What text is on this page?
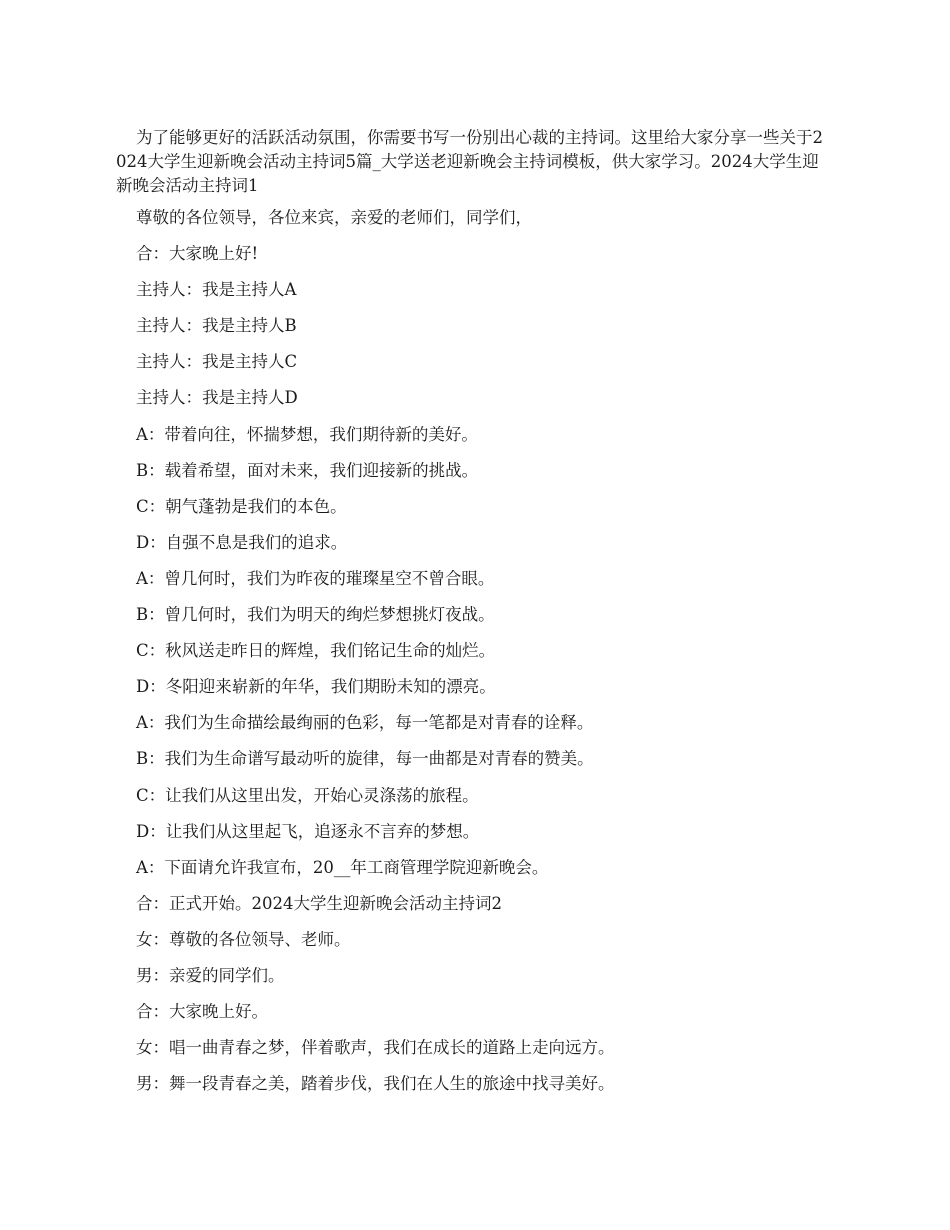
为了能够更好的活跃活动氛围，你需要书写一份别出心裁的主持词。这里给大家分享一些关于2024大学生迎新晚会活动主持词5篇_大学送老迎新晚会主持词模板，供大家学习。2024大学生迎新晚会活动主持词1

尊敬的各位领导，各位来宾，亲爱的老师们，同学们，
合：大家晚上好!
主持人：我是主持人A
主持人：我是主持人B
主持人：我是主持人C
主持人：我是主持人D
A：带着向往，怀揣梦想，我们期待新的美好。
B：载着希望，面对未来，我们迎接新的挑战。
C：朝气蓬勃是我们的本色。
D：自强不息是我们的追求。
A：曾几何时，我们为昨夜的璀璨星空不曾合眼。
B：曾几何时，我们为明天的绚烂梦想挑灯夜战。
C：秋风送走昨日的辉煌，我们铭记生命的灿烂。
D：冬阳迎来崭新的年华，我们期盼未知的漂亮。
A：我们为生命描绘最绚丽的色彩，每一笔都是对青春的诠释。
B：我们为生命谱写最动听的旋律，每一曲都是对青春的赞美。
C：让我们从这里出发，开始心灵涤荡的旅程。
D：让我们从这里起飞，追逐永不言弃的梦想。
A：下面请允许我宣布，20__年工商管理学院迎新晚会。
合：正式开始。2024大学生迎新晚会活动主持词2
女：尊敬的各位领导、老师。
男：亲爱的同学们。
合：大家晚上好。
女：唱一曲青春之梦，伴着歌声，我们在成长的道路上走向远方。
男：舞一段青春之美，踏着步伐，我们在人生的旅途中找寻美好。
